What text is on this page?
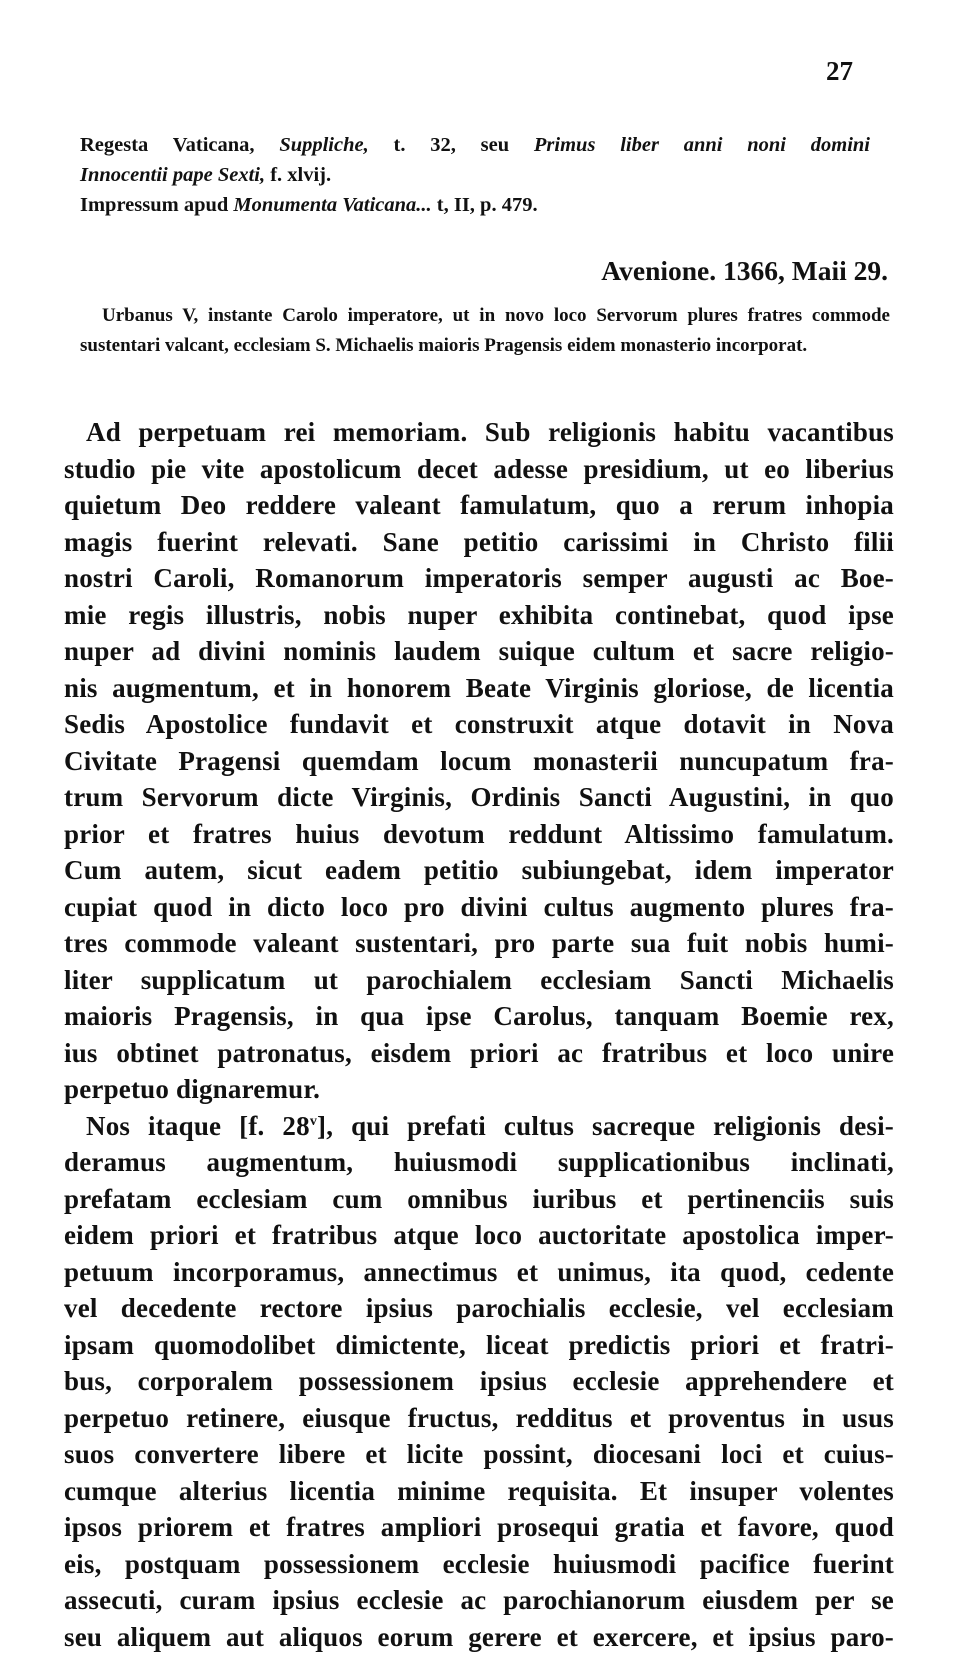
27
Regesta Vaticana, Suppliche, t. 32, seu Primus liber anni noni domini
Innocentii pape Sexti, f. xlvij.
Impressum apud Monumenta Vaticana... t, II, p. 479.
Avenione. 1366, Maii 29.
Urbanus V, instante Carolo imperatore, ut in novo loco Servorum plures fratres commode sustentari valcant, ecclesiam S. Michaelis maioris Pragensis eidem monasterio incorporat.
Ad perpetuam rei memoriam. Sub religionis habitu vacantibus
studio pie vite apostolicum decet adesse presidium, ut eo liberius
quietum Deo reddere valeant famulatum, quo a rerum inhopia
magis fuerint relevati. Sane petitio carissimi in Christo filii
nostri Caroli, Romanorum imperatoris semper augusti ac Boe-
mie regis illustris, nobis nuper exhibita continebat, quod ipse
nuper ad divini nominis laudem suique cultum et sacre religio-
nis augmentum, et in honorem Beate Virginis gloriose, de licentia
Sedis Apostolice fundavit et construxit atque dotavit in Nova
Civitate Pragensi quemdam locum monasterii nuncupatum fra-
trum Servorum dicte Virginis, Ordinis Sancti Augustini, in quo
prior et fratres huius devotum reddunt Altissimo famulatum.
Cum autem, sicut eadem petitio subiungebat, idem imperator
cupiat quod in dicto loco pro divini cultus augmento plures fra-
tres commode valeant sustentari, pro parte sua fuit nobis humi-
liter supplicatum ut parochialem ecclesiam Sancti Michaelis
maioris Pragensis, in qua ipse Carolus, tanquam Boemie rex,
ius obtinet patronatus, eisdem priori ac fratribus et loco unire
perpetuo dignaremur.
Nos itaque [f. 28$^v$], qui prefati cultus sacreque religionis desi-
deramus augmentum, huiusmodi supplicationibus inclinati,
prefatam ecclesiam cum omnibus iuribus et pertinenciis suis
eidem priori et fratribus atque loco auctoritate apostolica imper-
petuum incorporamus, annectimus et unimus, ita quod, cedente
vel decedente rectore ipsius parochialis ecclesie, vel ecclesiam
ipsam quomodolibet dimictente, liceat predictis priori et fratri-
bus, corporalem possessionem ipsius ecclesie apprehendere et
perpetuo retinere, eiusque fructus, redditus et proventus in usus
suos convertere libere et licite possint, diocesani loci et cuius-
cumque alterius licentia minime requisita. Et insuper volentes
ipsos priorem et fratres ampliori prosequi gratia et favore, quod
eis, postquam possessionem ecclesie huiusmodi pacifice fuerint
assecuti, curam ipsius ecclesie ac parochianorum eiusdem per se
seu aliquem aut aliquos eorum gerere et exercere, et ipsius paro-
